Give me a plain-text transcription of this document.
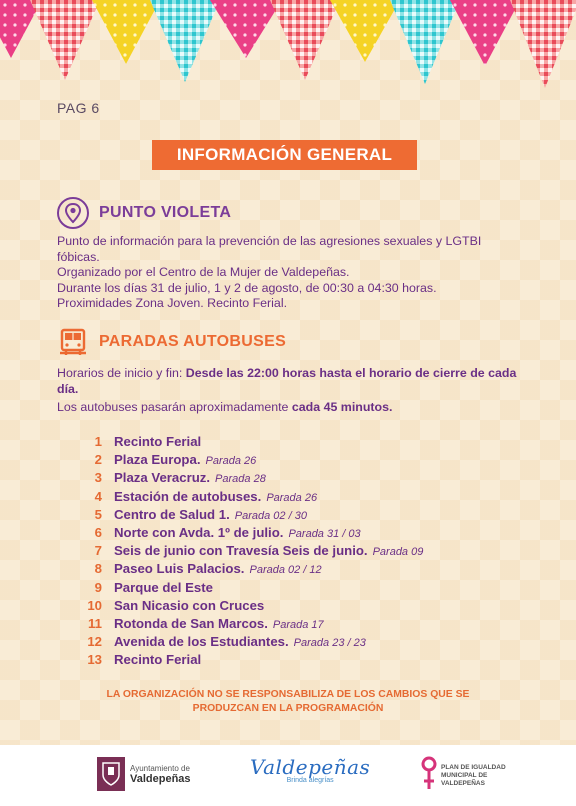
PAG 6
INFORMACIÓN GENERAL
PUNTO VIOLETA
Punto de información para la prevención de las agresiones sexuales y LGTBI fóbicas.
Organizado por el Centro de la Mujer de Valdepeñas.
Durante los días 31 de julio, 1 y 2 de agosto, de 00:30 a 04:30 horas.
Proximidades Zona Joven. Recinto Ferial.
PARADAS AUTOBUSES
Horarios de inicio y fin: Desde las 22:00 horas hasta el horario de cierre de cada día.
Los autobuses pasarán aproximadamente cada 45 minutos.
1 Recinto Ferial
2 Plaza Europa. Parada 26
3 Plaza Veracruz. Parada 28
4 Estación de autobuses. Parada 26
5 Centro de Salud 1. Parada 02 / 30
6 Norte con Avda. 1º de julio. Parada 31 / 03
7 Seis de junio con Travesía Seis de junio. Parada 09
8 Paseo Luis Palacios. Parada 02 / 12
9 Parque del Este
10 San Nicasio con Cruces
11 Rotonda de San Marcos. Parada 17
12 Avenida de los Estudiantes. Parada 23 / 23
13 Recinto Ferial
LA ORGANIZACIÓN NO SE RESPONSABILIZA DE LOS CAMBIOS QUE SE
PRODUZCAN EN LA PROGRAMACIÓN
Ayuntamiento de
Valdepeñas	Valdepeñas
Brinda alegrías
PLAN DE IGUALDAD MUNICIPAL DE VALDEPEÑAS
